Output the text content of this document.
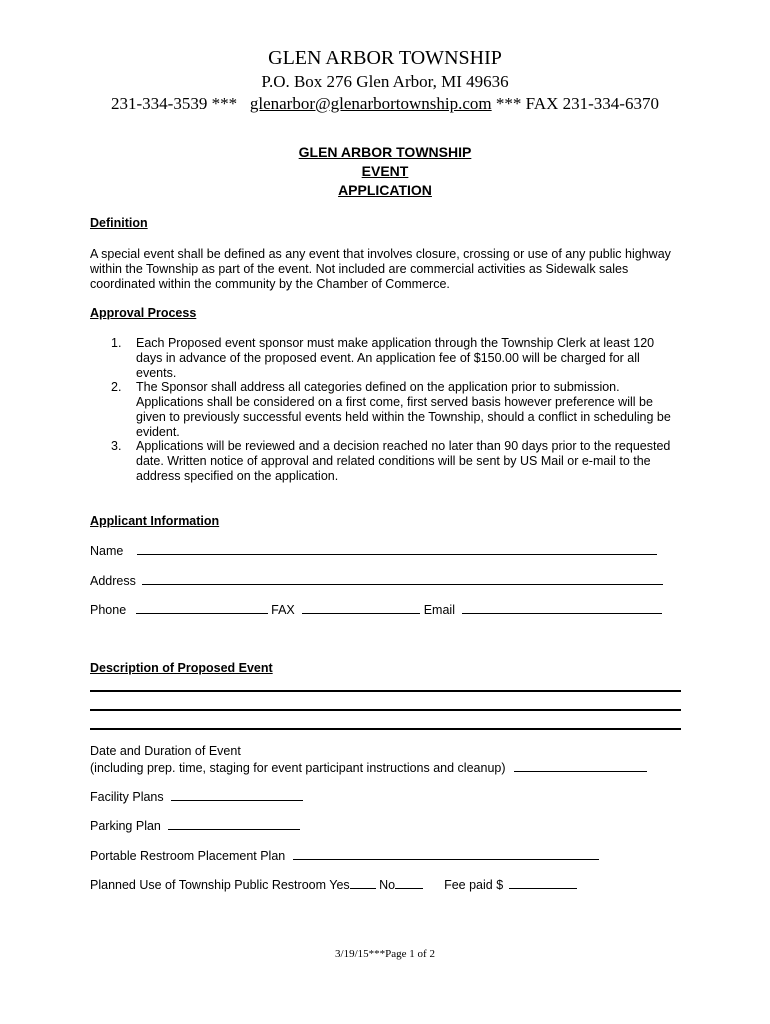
GLEN ARBOR TOWNSHIP
P.O. Box 276 Glen Arbor, MI 49636
231-334-3539 *** glenarbor@glenarbortownship.com *** FAX 231-334-6370
GLEN ARBOR TOWNSHIP
EVENT
APPLICATION
Definition
A special event shall be defined as any event that involves closure, crossing or use of any public highway
within the Township as part of the event. Not included are commercial activities as Sidewalk sales
coordinated within the community by the Chamber of Commerce.
Approval Process
1.	Each Proposed event sponsor must make application through the Township Clerk at least 120
days in advance of the proposed event. An application fee of $150.00 will be charged for all
events.
2.	The Sponsor shall address all categories defined on the application prior to submission.
Applications shall be considered on a first come, first served basis however preference will be
given to previously successful events held within the Township, should a conflict in scheduling be
evident.
3.	Applications will be reviewed and a decision reached no later than 90 days prior to the requested
date. Written notice of approval and related conditions will be sent by US Mail or e-mail to the
address specified on the application.
Applicant Information
Name
Address
Phone	FAX	Email
Description of Proposed Event
Date and Duration of Event
(including prep. time, staging for event participant instructions and cleanup)
Facility Plans
Parking Plan
Portable Restroom Placement Plan
Planned Use of Township Public Restroom Yes No	Fee paid $
3/19/15***Page 1 of 2
